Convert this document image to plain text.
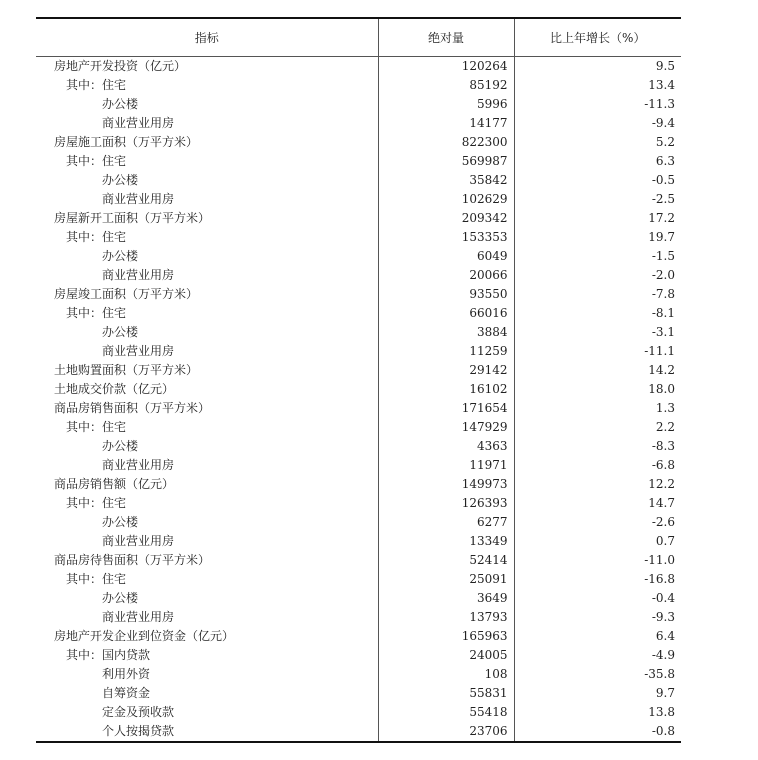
指标	绝对量	比上年增长（%）
房地产开发投资（亿元）	120264	9.5
其中：住宅	85192	13.4
办公楼	5996	-11.3
商业营业用房	14177	-9.4
房屋施工面积（万平方米）	822300	5.2
其中：住宅	569987	6.3
办公楼	35842	-0.5
商业营业用房	102629	-2.5
房屋新开工面积（万平方米）	209342	17.2
其中：住宅	153353	19.7
办公楼	6049	-1.5
商业营业用房	20066	-2.0
房屋竣工面积（万平方米）	93550	-7.8
其中：住宅	66016	-8.1
办公楼	3884	-3.1
商业营业用房	11259	-11.1
土地购置面积（万平方米）	29142	14.2
土地成交价款（亿元）	16102	18.0
商品房销售面积（万平方米）	171654	1.3
其中：住宅	147929	2.2
办公楼	4363	-8.3
商业营业用房	11971	-6.8
商品房销售额（亿元）	149973	12.2
其中：住宅	126393	14.7
办公楼	6277	-2.6
商业营业用房	13349	0.7
商品房待售面积（万平方米）	52414	-11.0
其中：住宅	25091	-16.8
办公楼	3649	-0.4
商业营业用房	13793	-9.3
房地产开发企业到位资金（亿元）	165963	6.4
其中：国内贷款	24005	-4.9
利用外资	108	-35.8
自筹资金	55831	9.7
定金及预收款	55418	13.8
个人按揭贷款	23706	-0.8
